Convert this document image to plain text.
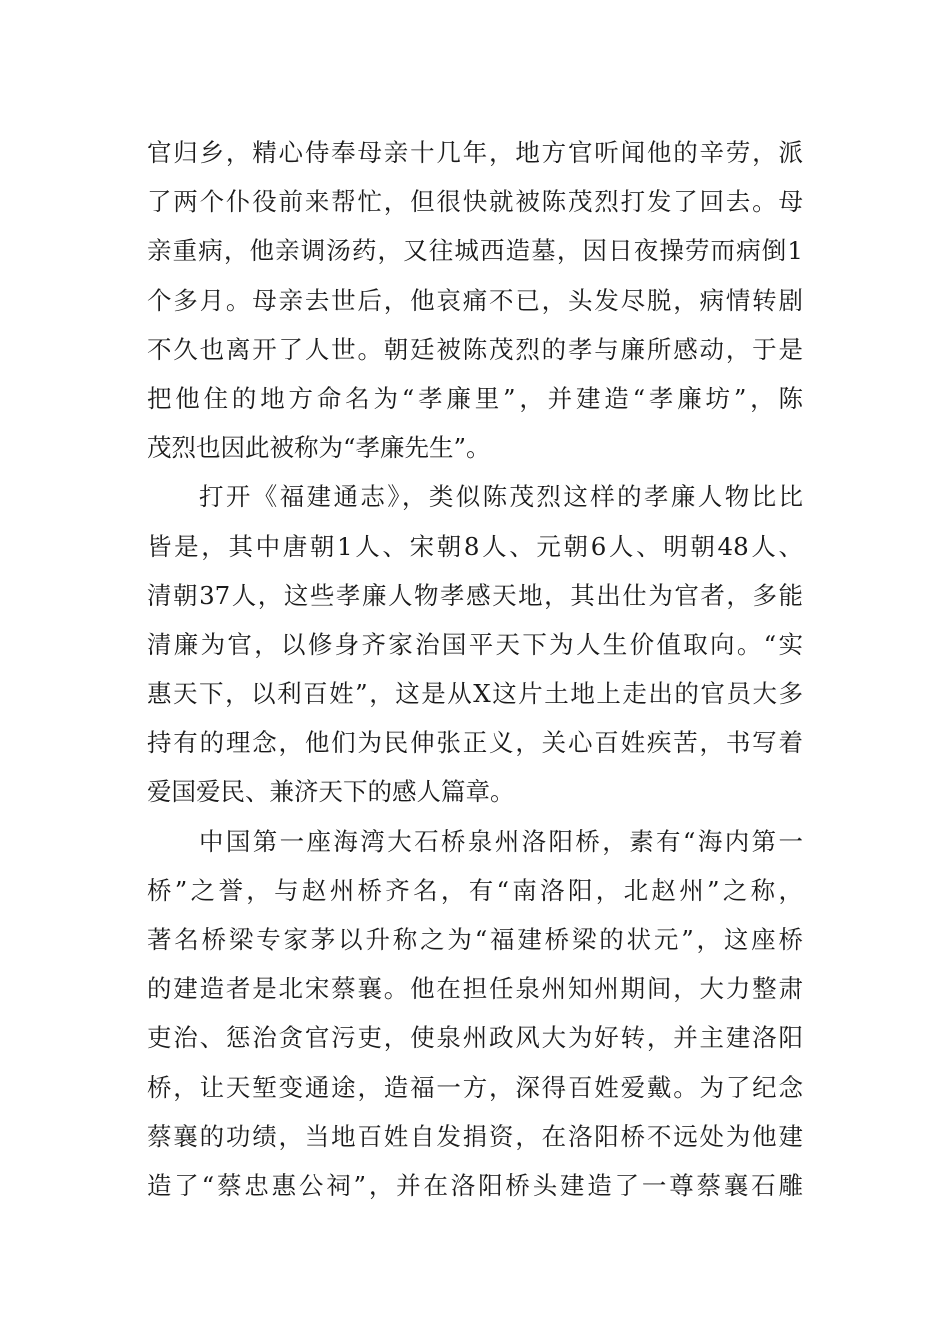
官归乡，精心侍奉母亲十几年，地方官听闻他的辛劳，派
了两个仆役前来帮忙，但很快就被陈茂烈打发了回去。母
亲重病，他亲调汤药，又往城西造墓，因日夜操劳而病倒1
个多月。母亲去世后，他哀痛不已，头发尽脱，病情转剧
不久也离开了人世。朝廷被陈茂烈的孝与廉所感动，于是
把他住的地方命名为“孝廉里”，并建造“孝廉坊”，陈
茂烈也因此被称为“孝廉先生”。
打开《福建通志》，类似陈茂烈这样的孝廉人物比比
皆是，其中唐朝1人、宋朝8人、元朝6人、明朝48人、
清朝37人，这些孝廉人物孝感天地，其出仕为官者，多能
清廉为官，以修身齐家治国平天下为人生价值取向。“实
惠天下，以利百姓”，这是从X这片土地上走出的官员大多
持有的理念，他们为民伸张正义，关心百姓疾苦，书写着
爱国爱民、兼济天下的感人篇章。
中国第一座海湾大石桥泉州洛阳桥，素有“海内第一
桥”之誉，与赵州桥齐名，有“南洛阳，北赵州”之称，
著名桥梁专家茅以升称之为“福建桥梁的状元”，这座桥
的建造者是北宋蔡襄。他在担任泉州知州期间，大力整肃
吏治、惩治贪官污吏，使泉州政风大为好转，并主建洛阳
桥，让天堑变通途，造福一方，深得百姓爱戴。为了纪念
蔡襄的功绩，当地百姓自发捐资，在洛阳桥不远处为他建
造了“蔡忠惠公祠”，并在洛阳桥头建造了一尊蔡襄石雕
